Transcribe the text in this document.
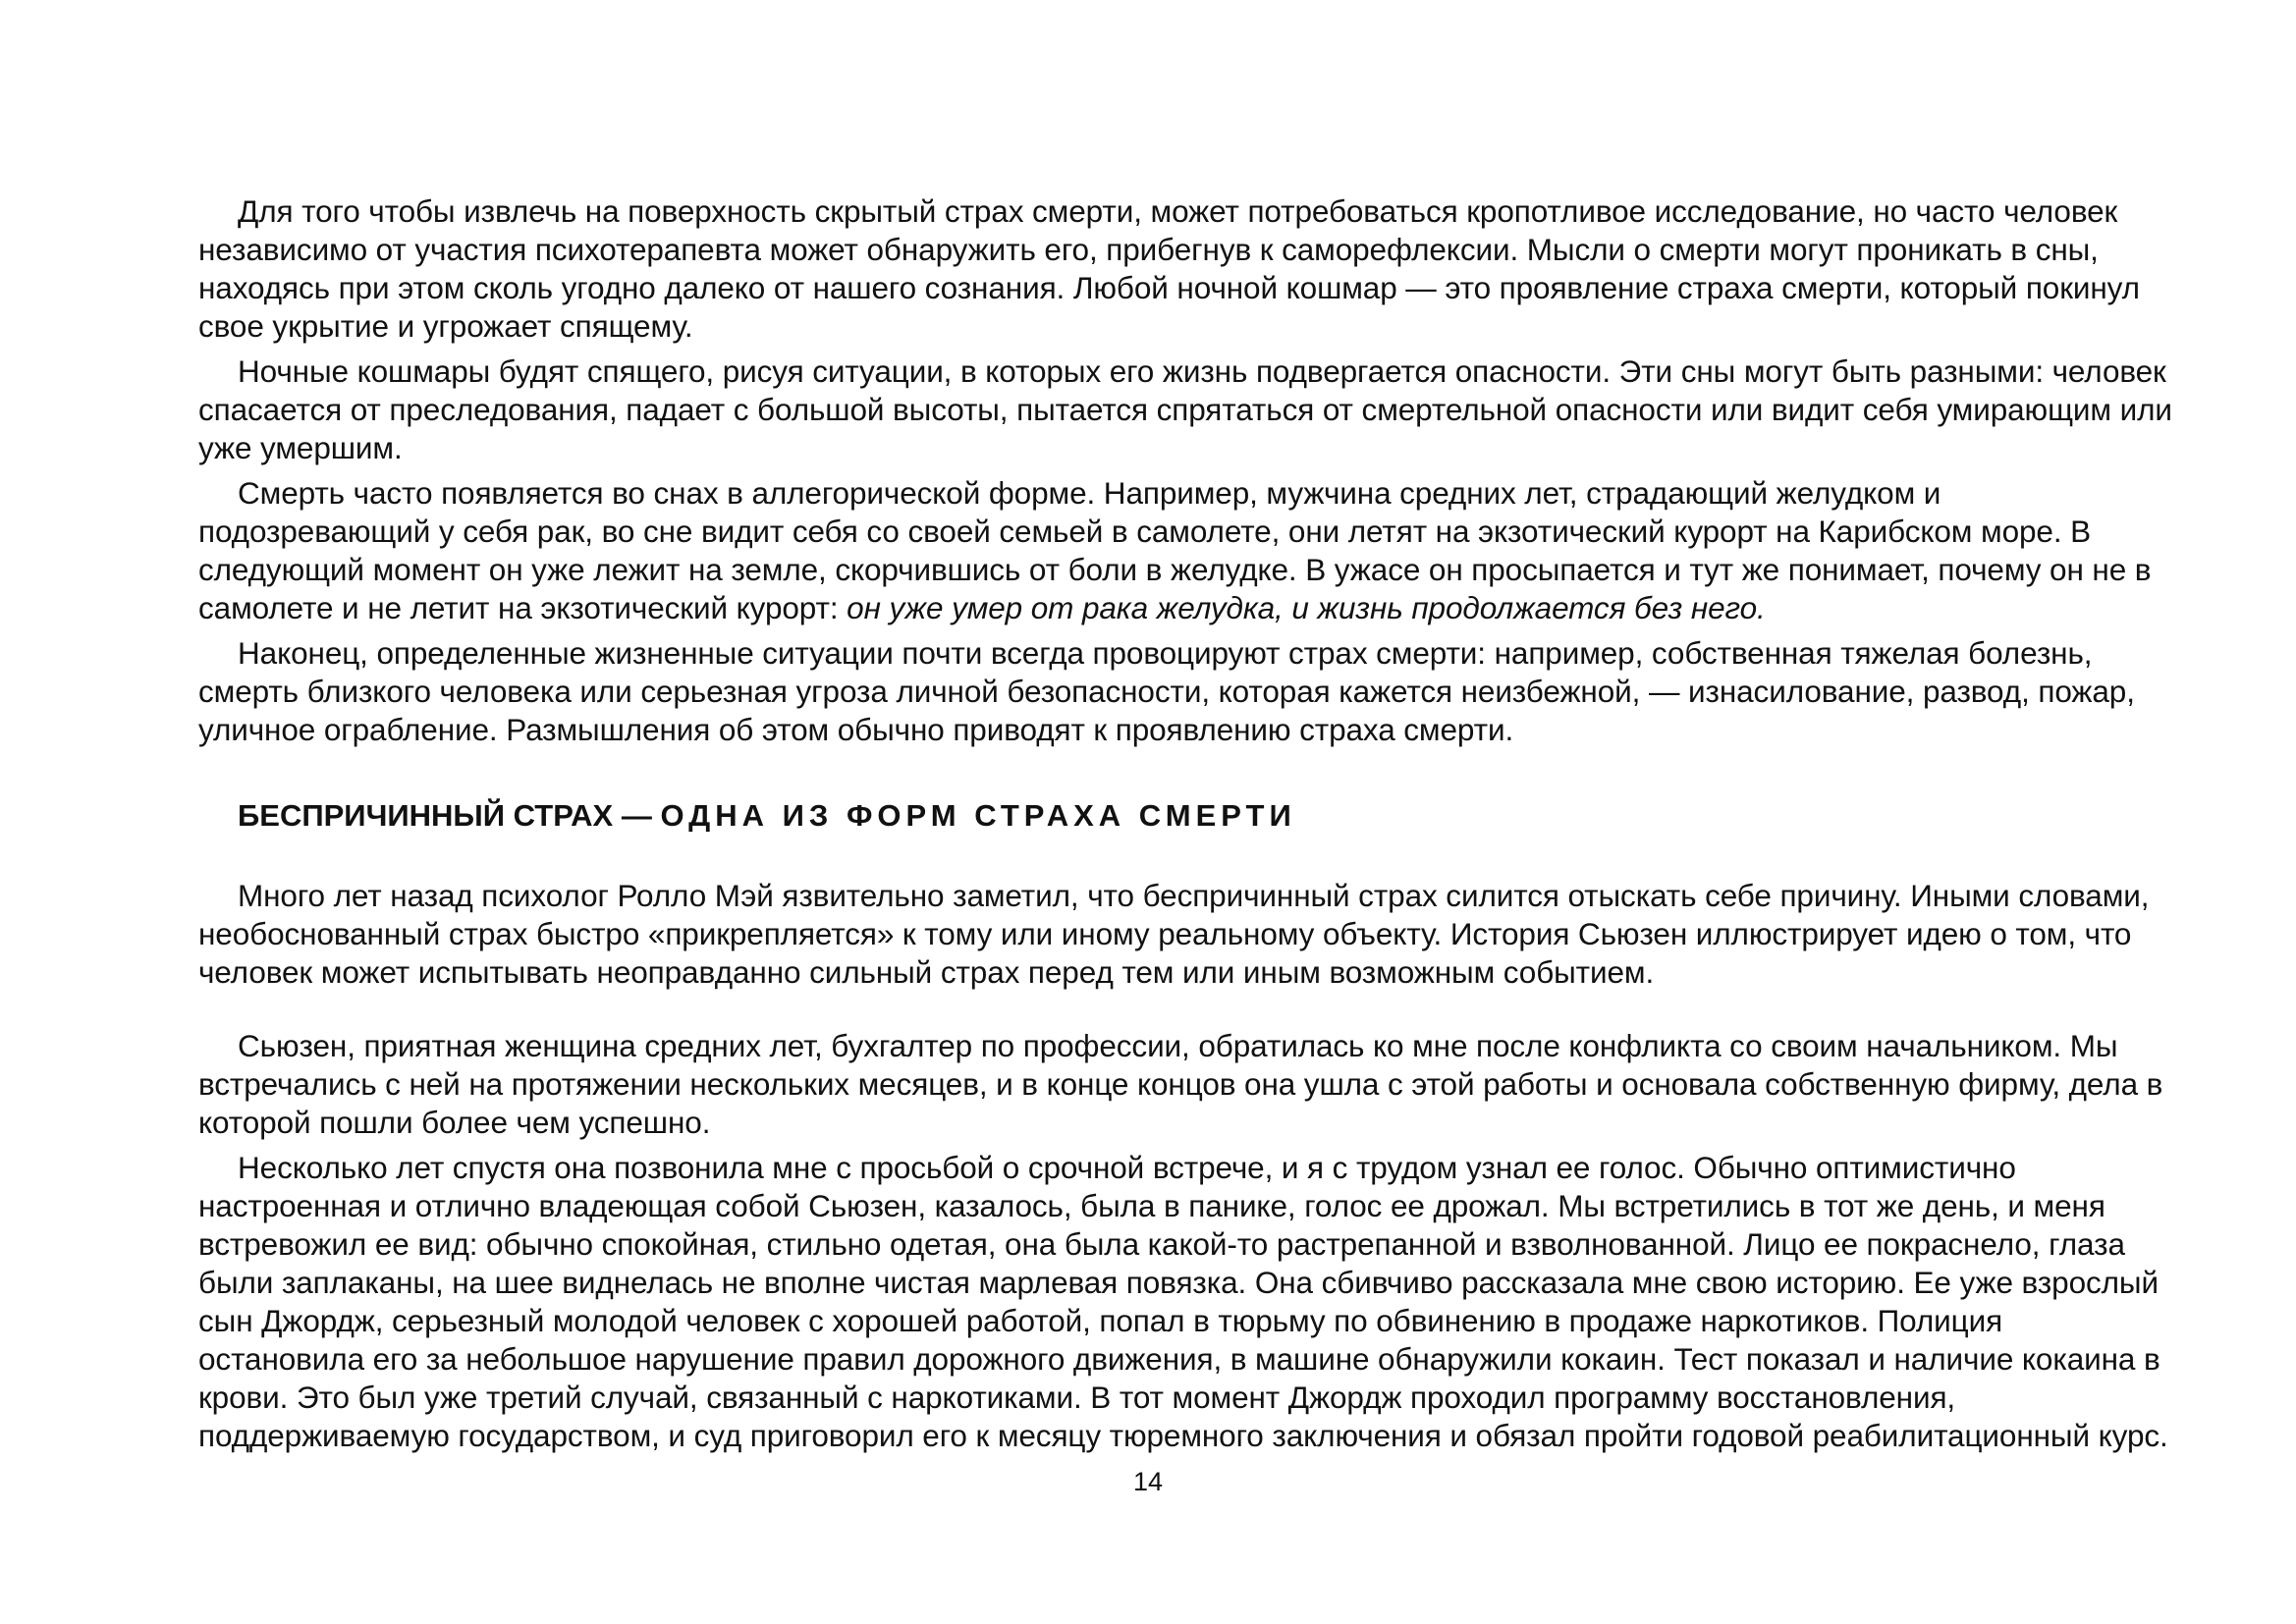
Для того чтобы извлечь на поверхность скрытый страх смерти, может потребоваться кропотливое исследование, но часто человек независимо от участия психотерапевта может обнаружить его, прибегнув к саморефлексии. Мысли о смерти могут проникать в сны, находясь при этом сколь угодно далеко от нашего сознания. Любой ночной кошмар — это проявление страха смерти, который покинул свое укрытие и угрожает спящему.

Ночные кошмары будят спящего, рисуя ситуации, в которых его жизнь подвергается опасности. Эти сны могут быть разными: человек спасается от преследования, падает с большой высоты, пытается спрятаться от смертельной опасности или видит себя умирающим или уже умершим.

Смерть часто появляется во снах в аллегорической форме. Например, мужчина средних лет, страдающий желудком и подозревающий у себя рак, во сне видит себя со своей семьей в самолете, они летят на экзотический курорт на Карибском море. В следующий момент он уже лежит на земле, скорчившись от боли в желудке. В ужасе он просыпается и тут же понимает, почему он не в самолете и не летит на экзотический курорт: он уже умер от рака желудка, и жизнь продолжается без него.

Наконец, определенные жизненные ситуации почти всегда провоцируют страх смерти: например, собственная тяжелая болезнь, смерть близкого человека или серьезная угроза личной безопасности, которая кажется неизбежной, — изнасилование, развод, пожар, уличное ограбление. Размышления об этом обычно приводят к проявлению страха смерти.

БЕСПРИЧИННЫЙ СТРАХ — ОДНА ИЗ ФОРМ СТРАХА СМЕРТИ

Много лет назад психолог Ролло Мэй язвительно заметил, что беспричинный страх силится отыскать себе причину. Иными словами, необоснованный страх быстро «прикрепляется» к тому или иному реальному объекту. История Сьюзен иллюстрирует идею о том, что человек может испытывать неоправданно сильный страх перед тем или иным возможным событием.

Сьюзен, приятная женщина средних лет, бухгалтер по профессии, обратилась ко мне после конфликта со своим начальником. Мы встречались с ней на протяжении нескольких месяцев, и в конце концов она ушла с этой работы и основала собственную фирму, дела в которой пошли более чем успешно.

Несколько лет спустя она позвонила мне с просьбой о срочной встрече, и я с трудом узнал ее голос. Обычно оптимистично настроенная и отлично владеющая собой Сьюзен, казалось, была в панике, голос ее дрожал. Мы встретились в тот же день, и меня встревожил ее вид: обычно спокойная, стильно одетая, она была какой-то растрепанной и взволнованной. Лицо ее покраснело, глаза были заплаканы, на шее виднелась не вполне чистая марлевая повязка. Она сбивчиво рассказала мне свою историю. Ее уже взрослый сын Джордж, серьезный молодой человек с хорошей работой, попал в тюрьму по обвинению в продаже наркотиков. Полиция остановила его за небольшое нарушение правил дорожного движения, в машине обнаружили кокаин. Тест показал и наличие кокаина в крови. Это был уже третий случай, связанный с наркотиками. В тот момент Джордж проходил программу восстановления, поддерживаемую государством, и суд приговорил его к месяцу тюремного заключения и обязал пройти годовой реабилитационный курс.

14
